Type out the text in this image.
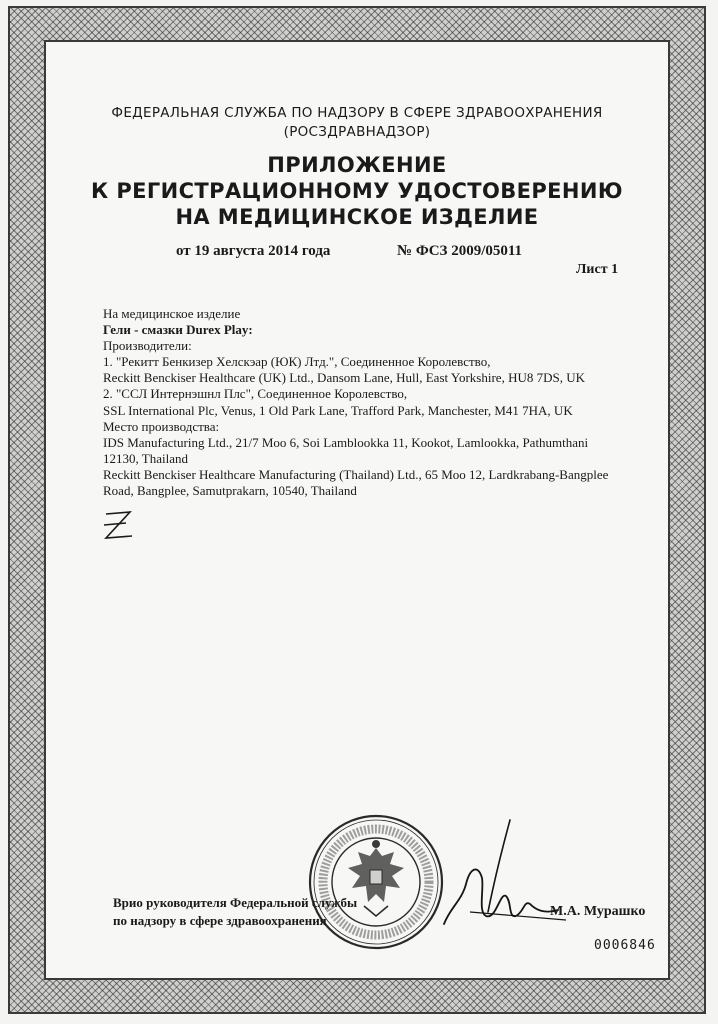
ФЕДЕРАЛЬНАЯ СЛУЖБА ПО НАДЗОРУ В СФЕРЕ ЗДРАВООХРАНЕНИЯ
(РОСЗДРАВНАДЗОР)
ПРИЛОЖЕНИЕ
К РЕГИСТРАЦИОННОМУ УДОСТОВЕРЕНИЮ
НА МЕДИЦИНСКОЕ ИЗДЕЛИЕ
от 19 августа 2014 года	№ ФСЗ 2009/05011
Лист 1
На медицинское изделие
Гели - смазки Durex Play:
Производители:
1. "Рекитт Бенкизер Хелскэар (ЮК) Лтд.", Соединенное Королевство,
Reckitt Benckiser Healthcare (UK) Ltd., Dansom Lane, Hull, East Yorkshire, HU8 7DS, UK
2. "ССЛ Интернэшнл Плс", Соединенное Королевство,
SSL International Plc, Venus, 1 Old Park Lane, Trafford Park, Manchester, M41 7HA, UK
Место производства:
IDS Manufacturing Ltd., 21/7 Moo 6, Soi Lamblookka 11, Kookot, Lamlookka, Pathumthani 12130, Thailand
Reckitt Benckiser Healthcare Manufacturing (Thailand) Ltd., 65 Moo 12, Lardkrabang-Bangplee Road, Bangplee, Samutprakarn, 10540, Thailand
Врио руководителя Федеральной службы
по надзору в сфере здравоохранения
М.А. Мурашко
0006846
